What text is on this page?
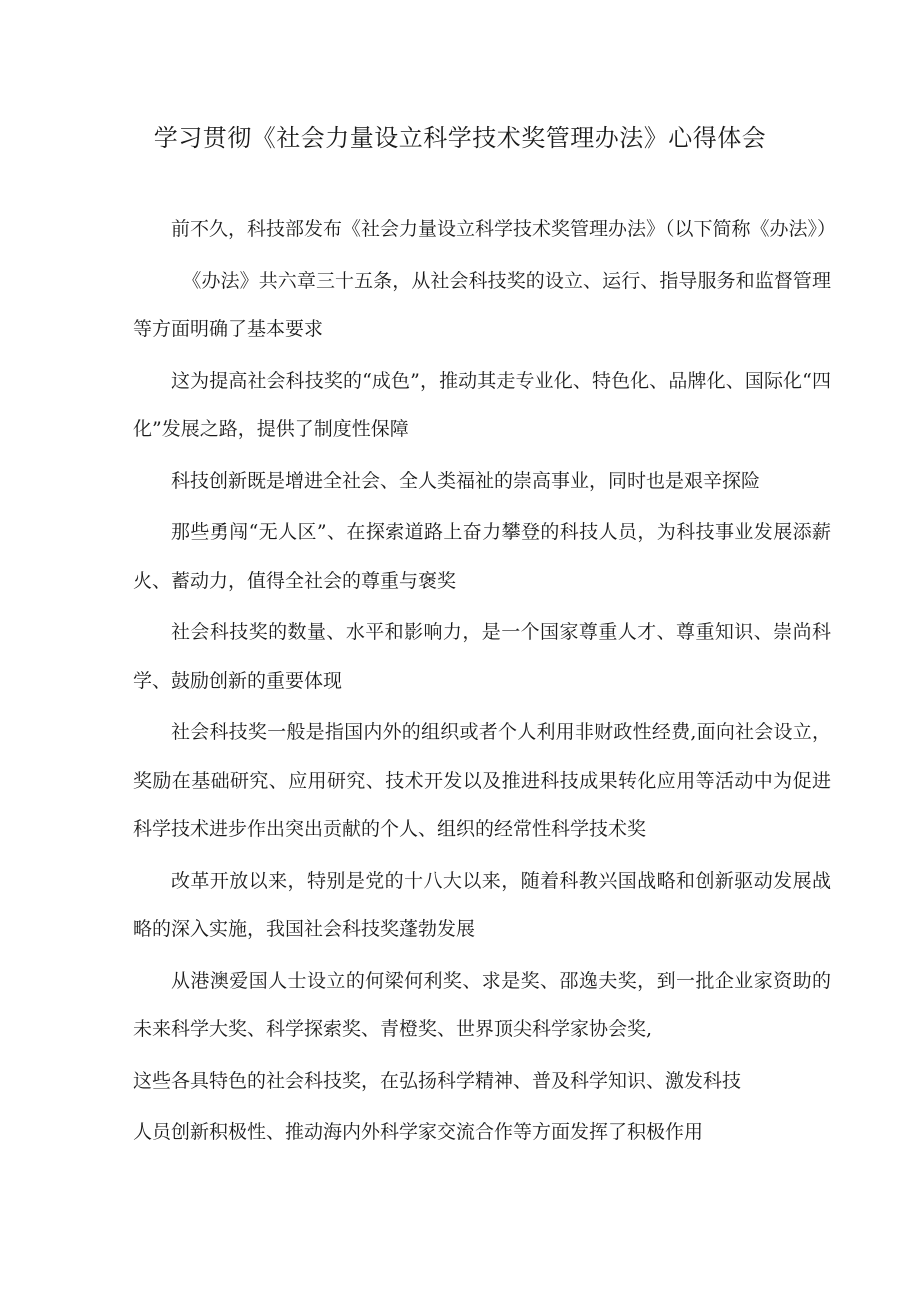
学习贯彻《社会力量设立科学技术奖管理办法》心得体会

前不久，科技部发布《社会力量设立科学技术奖管理办法》（以下简称《办法》）

《办法》共六章三十五条，从社会科技奖的设立、运行、指导服务和监督管理等方面明确了基本要求

这为提高社会科技奖的“成色”，推动其走专业化、特色化、品牌化、国际化“四化”发展之路，提供了制度性保障

科技创新既是增进全社会、全人类福祉的崇高事业，同时也是艰辛探险

那些勇闯“无人区”、在探索道路上奋力攀登的科技人员，为科技事业发展添薪火、蓄动力，值得全社会的尊重与褒奖

社会科技奖的数量、水平和影响力，是一个国家尊重人才、尊重知识、崇尚科学、鼓励创新的重要体现

社会科技奖一般是指国内外的组织或者个人利用非财政性经费,面向社会设立，奖励在基础研究、应用研究、技术开发以及推进科技成果转化应用等活动中为促进科学技术进步作出突出贡献的个人、组织的经常性科学技术奖

改革开放以来，特别是党的十八大以来，随着科教兴国战略和创新驱动发展战略的深入实施，我国社会科技奖蓬勃发展

从港澳爱国人士设立的何梁何利奖、求是奖、邵逸夫奖，到一批企业家资助的未来科学大奖、科学探索奖、青橙奖、世界顶尖科学家协会奖,

这些各具特色的社会科技奖，在弘扬科学精神、普及科学知识、激发科技

人员创新积极性、推动海内外科学家交流合作等方面发挥了积极作用
